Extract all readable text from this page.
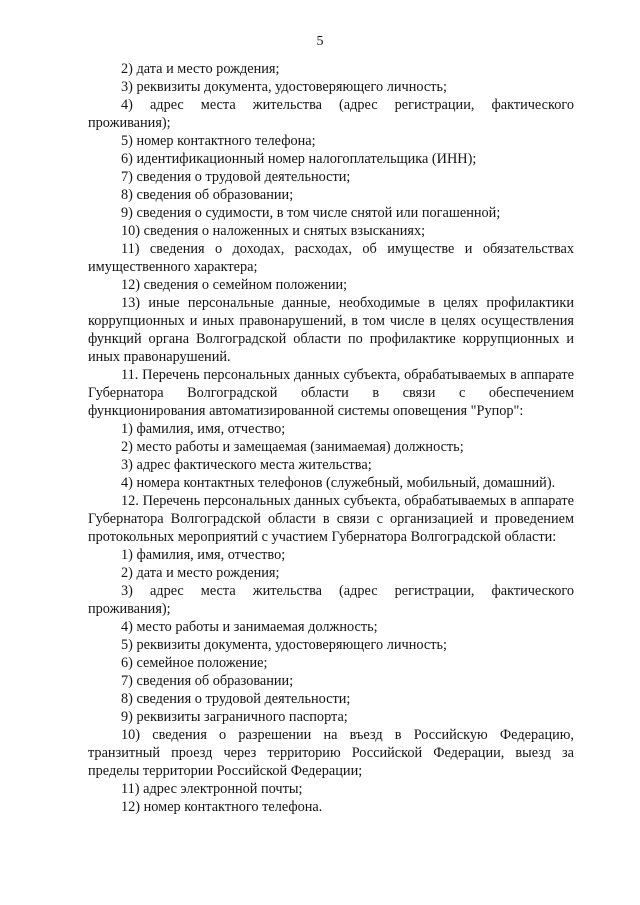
5

2) дата и место рождения;

3) реквизиты документа, удостоверяющего личность;

4) адрес места жительства (адрес регистрации, фактического проживания);

5) номер контактного телефона;

6) идентификационный номер налогоплательщика (ИНН);

7) сведения о трудовой деятельности;

8) сведения об образовании;

9) сведения о судимости, в том числе снятой или погашенной;

10) сведения о наложенных и снятых взысканиях;

11) сведения о доходах, расходах, об имуществе и обязательствах имущественного характера;

12) сведения о семейном положении;

13) иные персональные данные, необходимые в целях профилактики коррупционных и иных правонарушений, в том числе в целях осуществления функций органа Волгоградской области по профилактике коррупционных и иных правонарушений.

11. Перечень персональных данных субъекта, обрабатываемых в аппарате Губернатора Волгоградской области в связи с обеспечением функционирования автоматизированной системы оповещения "Рупор":

1) фамилия, имя, отчество;

2) место работы и замещаемая (занимаемая) должность;

3) адрес фактического места жительства;

4) номера контактных телефонов (служебный, мобильный, домашний).

12. Перечень персональных данных субъекта, обрабатываемых в аппарате Губернатора Волгоградской области в связи с организацией и проведением протокольных мероприятий с участием Губернатора Волгоградской области:

1) фамилия, имя, отчество;

2) дата и место рождения;

3) адрес места жительства (адрес регистрации, фактического проживания);

4) место работы и занимаемая должность;

5) реквизиты документа, удостоверяющего личность;

6) семейное положение;

7) сведения об образовании;

8) сведения о трудовой деятельности;

9) реквизиты заграничного паспорта;

10) сведения о разрешении на въезд в Российскую Федерацию, транзитный проезд через территорию Российской Федерации, выезд за пределы территории Российской Федерации;

11) адрес электронной почты;

12) номер контактного телефона.
